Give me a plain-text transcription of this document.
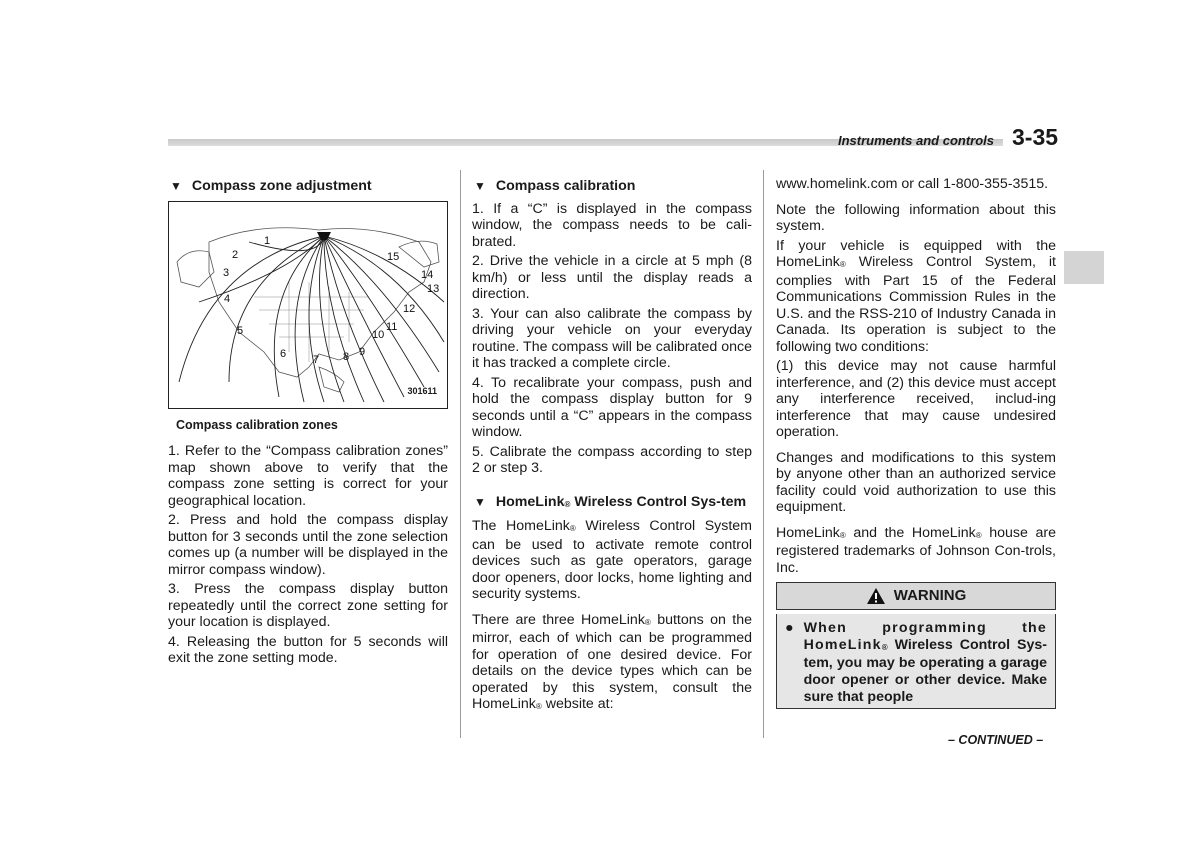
Instruments and controls 3-35
▼ Compass zone adjustment
1
2
3
4
5
6 7 8 9
10
11
12
13
14
15
301611
Compass calibration zones

1. Refer to the “Compass calibration zones” map shown above to verify that the compass zone setting is correct for your geographical location.

2. Press and hold the compass display button for 3 seconds until the zone selection comes up (a number will be displayed in the mirror compass window).

3. Press the compass display button repeatedly until the correct zone setting for your location is displayed.

4. Releasing the button for 5 seconds will exit the zone setting mode.

▼ Compass calibration

1. If a “C” is displayed in the compass window, the compass needs to be cali-brated.

2. Drive the vehicle in a circle at 5 mph (8 km/h) or less until the display reads a direction.

3. Your can also calibrate the compass by driving your vehicle on your everyday routine. The compass will be calibrated once it has tracked a complete circle.

4. To recalibrate your compass, push and hold the compass display button for 9 seconds until a “C” appears in the compass window.

5. Calibrate the compass according to step 2 or step 3.

▼ HomeLink® Wireless Control Sys-tem

The HomeLink® Wireless Control System can be used to activate remote control devices such as gate operators, garage door openers, door locks, home lighting and security systems.

There are three HomeLink® buttons on the mirror, each of which can be programmed for operation of one desired device. For details on the device types which can be operated by this system, consult the HomeLink® website at:

www.homelink.com or call 1-800-355-3515.

Note the following information about this system.

If your vehicle is equipped with the HomeLink® Wireless Control System, it complies with Part 15 of the Federal Communications Commission Rules in the U.S. and the RSS-210 of Industry Canada in Canada. Its operation is subject to the following two conditions:

(1) this device may not cause harmful interference, and (2) this device must accept any interference received, includ-ing interference that may cause undesired operation.

Changes and modifications to this system by anyone other than an authorized service facility could void authorization to use this equipment.

HomeLink® and the HomeLink® house are registered trademarks of Johnson Con-trols, Inc.

WARNING
● When programming the HomeLink® Wireless Control Sys-tem, you may be operating a garage door opener or other device. Make sure that people
– CONTINUED –
